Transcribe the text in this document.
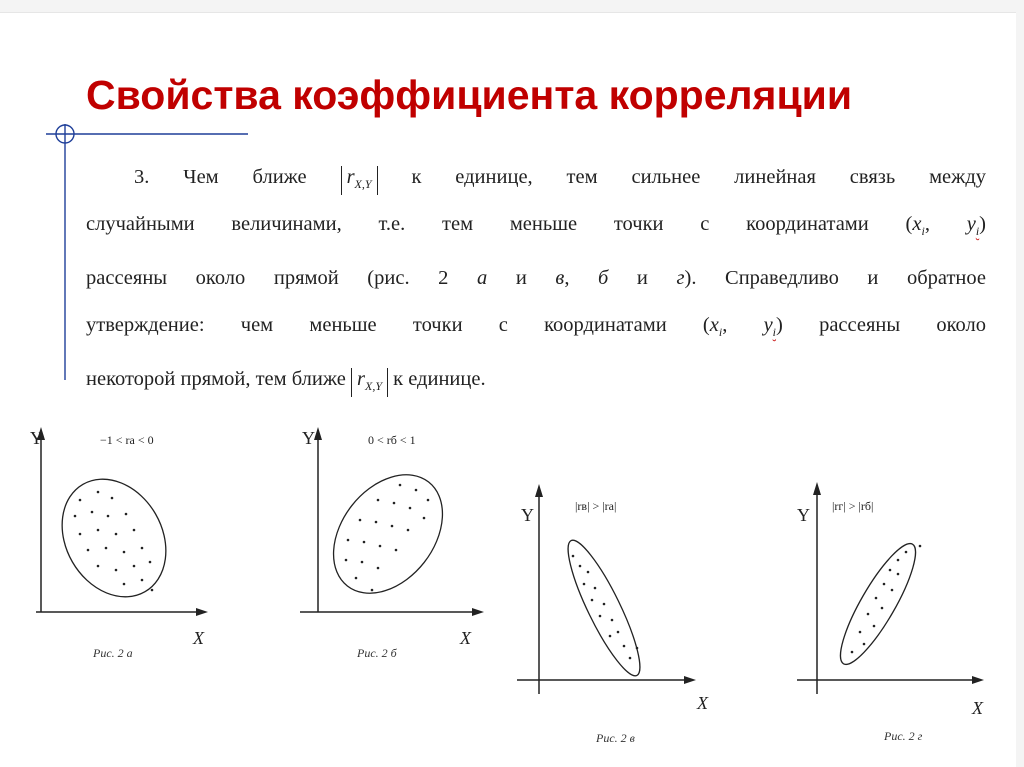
Свойства коэффициента корреляции
Y
X
−1 < rа < 0
Рис. 2 а
Y
X
0 < rб < 1
Рис. 2 б
Y
X
|rв| > |rа|
Рис. 2 в
Y
X
|rг| > |rб|
Рис. 2 г
3. Чем ближе $r_{X,Y}$ к единице, тем сильнее линейная связь между
случайными величинами, т.е. тем меньше точки с координатами ($x_i$, $y_i$)
рассеяны около прямой (рис. 2 а и в, б и г). Справедливо и обратное
утверждение: чем меньше точки с координатами ($x_i$, $y_i$) рассеяны около
некоторой прямой, тем ближе $r_{X,Y}$ к единице.
